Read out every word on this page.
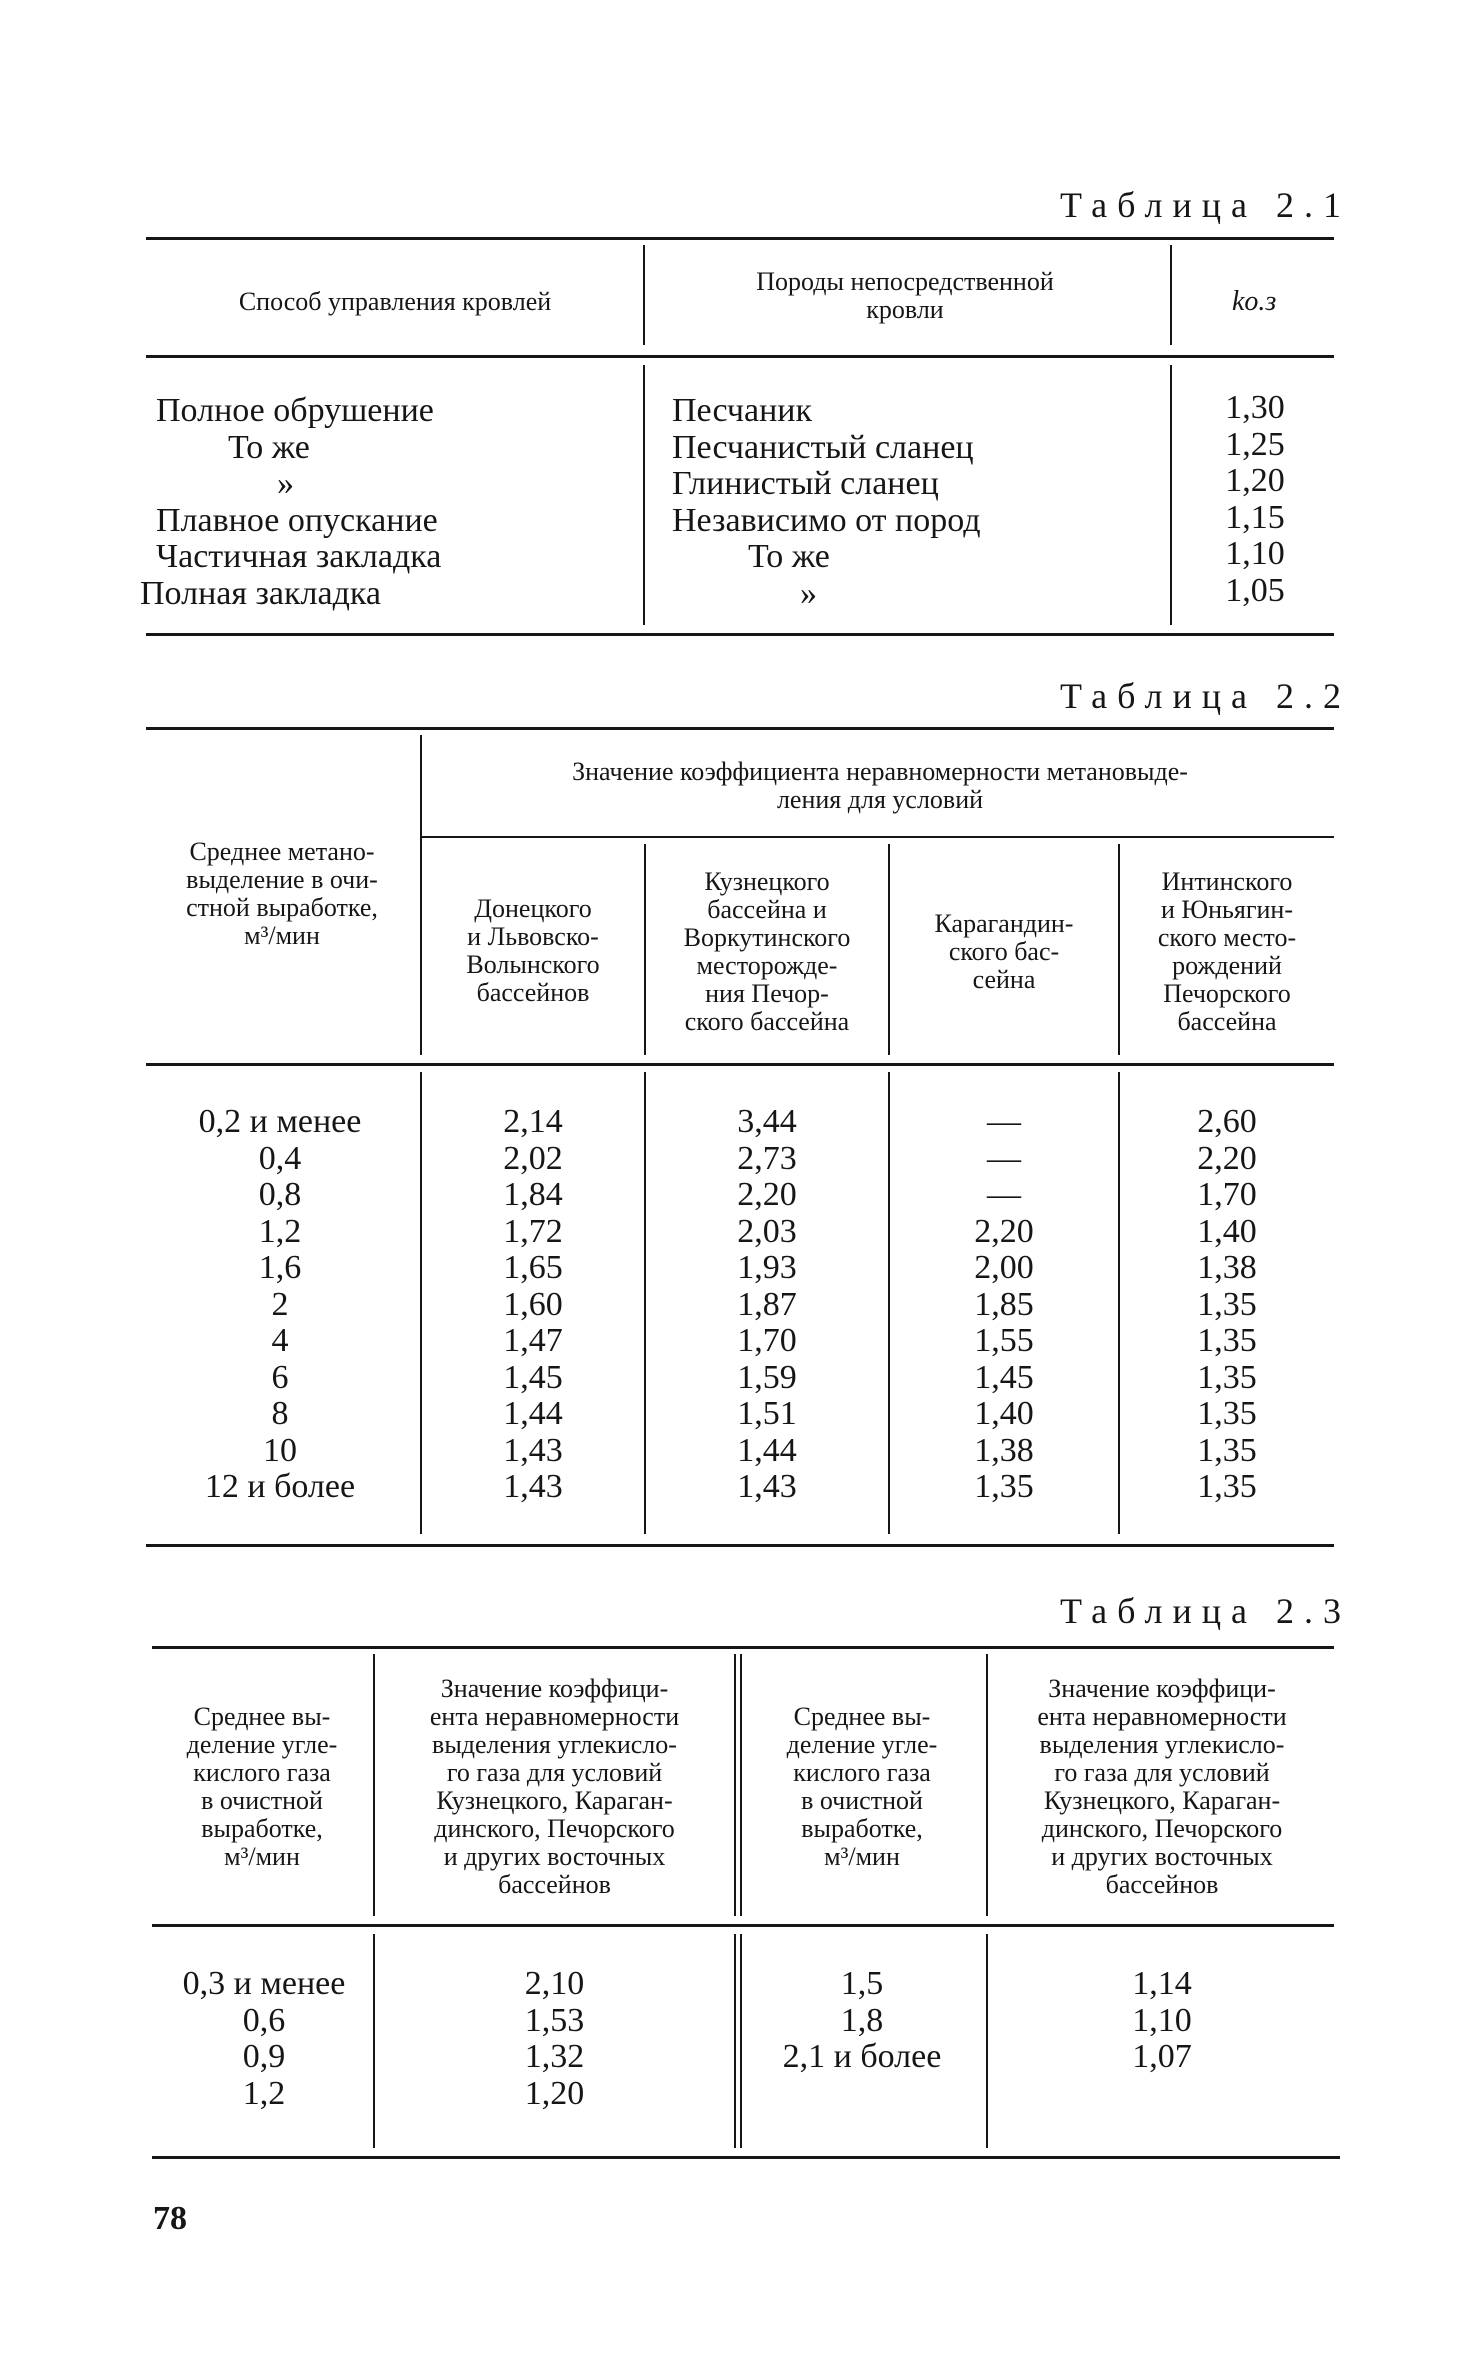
Таблица 2.1
Способ управления кровлей
Породы непосредственной
кровли	kо.з
Полное обрушение
То же
»
Плавное опускание
Частичная закладка
Полная закладка
Песчаник
Песчанистый сланец
Глинистый сланец
Независимо от пород
То же
»
1,30
1,25
1,20
1,15
1,10
1,05
Таблица 2.2
Среднее метано-
выделение в очи-
стной выработке,
м³/мин
Значение коэффициента неравномерности метановыде-
ления для условий
Донецкого
и Львовско-
Волынского
бассейнов
Кузнецкого
бассейна и
Воркутинского
месторожде-
ния Печор-
ского бассейна
Карагандин-
ского бас-
сейна
Интинского
и Юньягин-
ского место-
рождений
Печорского
бассейна
0,2 и менее
0,4
0,8
1,2
1,6
2
4
6
8
10
12 и более
2,14
2,02
1,84
1,72
1,65
1,60
1,47
1,45
1,44
1,43
1,43
3,44
2,73
2,20
2,03
1,93
1,87
1,70
1,59
1,51
1,44
1,43
—
—
—
2,20
2,00
1,85
1,55
1,45
1,40
1,38
1,35
2,60
2,20
1,70
1,40
1,38
1,35
1,35
1,35
1,35
1,35
1,35
Таблица 2.3
Среднее вы-
деление угле-
кислого газа
в очистной
выработке,
м³/мин
Значение коэффици-
ента неравномерности
выделения углекисло-
го газа для условий
Кузнецкого, Караган-
динского, Печорского
и других восточных
бассейнов
Среднее вы-
деление угле-
кислого газа
в очистной
выработке,
м³/мин
Значение коэффици-
ента неравномерности
выделения углекисло-
го газа для условий
Кузнецкого, Караган-
динского, Печорского
и других восточных
бассейнов
0,3 и менее
0,6
0,9
1,2
2,10
1,53
1,32
1,20
1,5
1,8
2,1 и более
1,14
1,10
1,07
78
